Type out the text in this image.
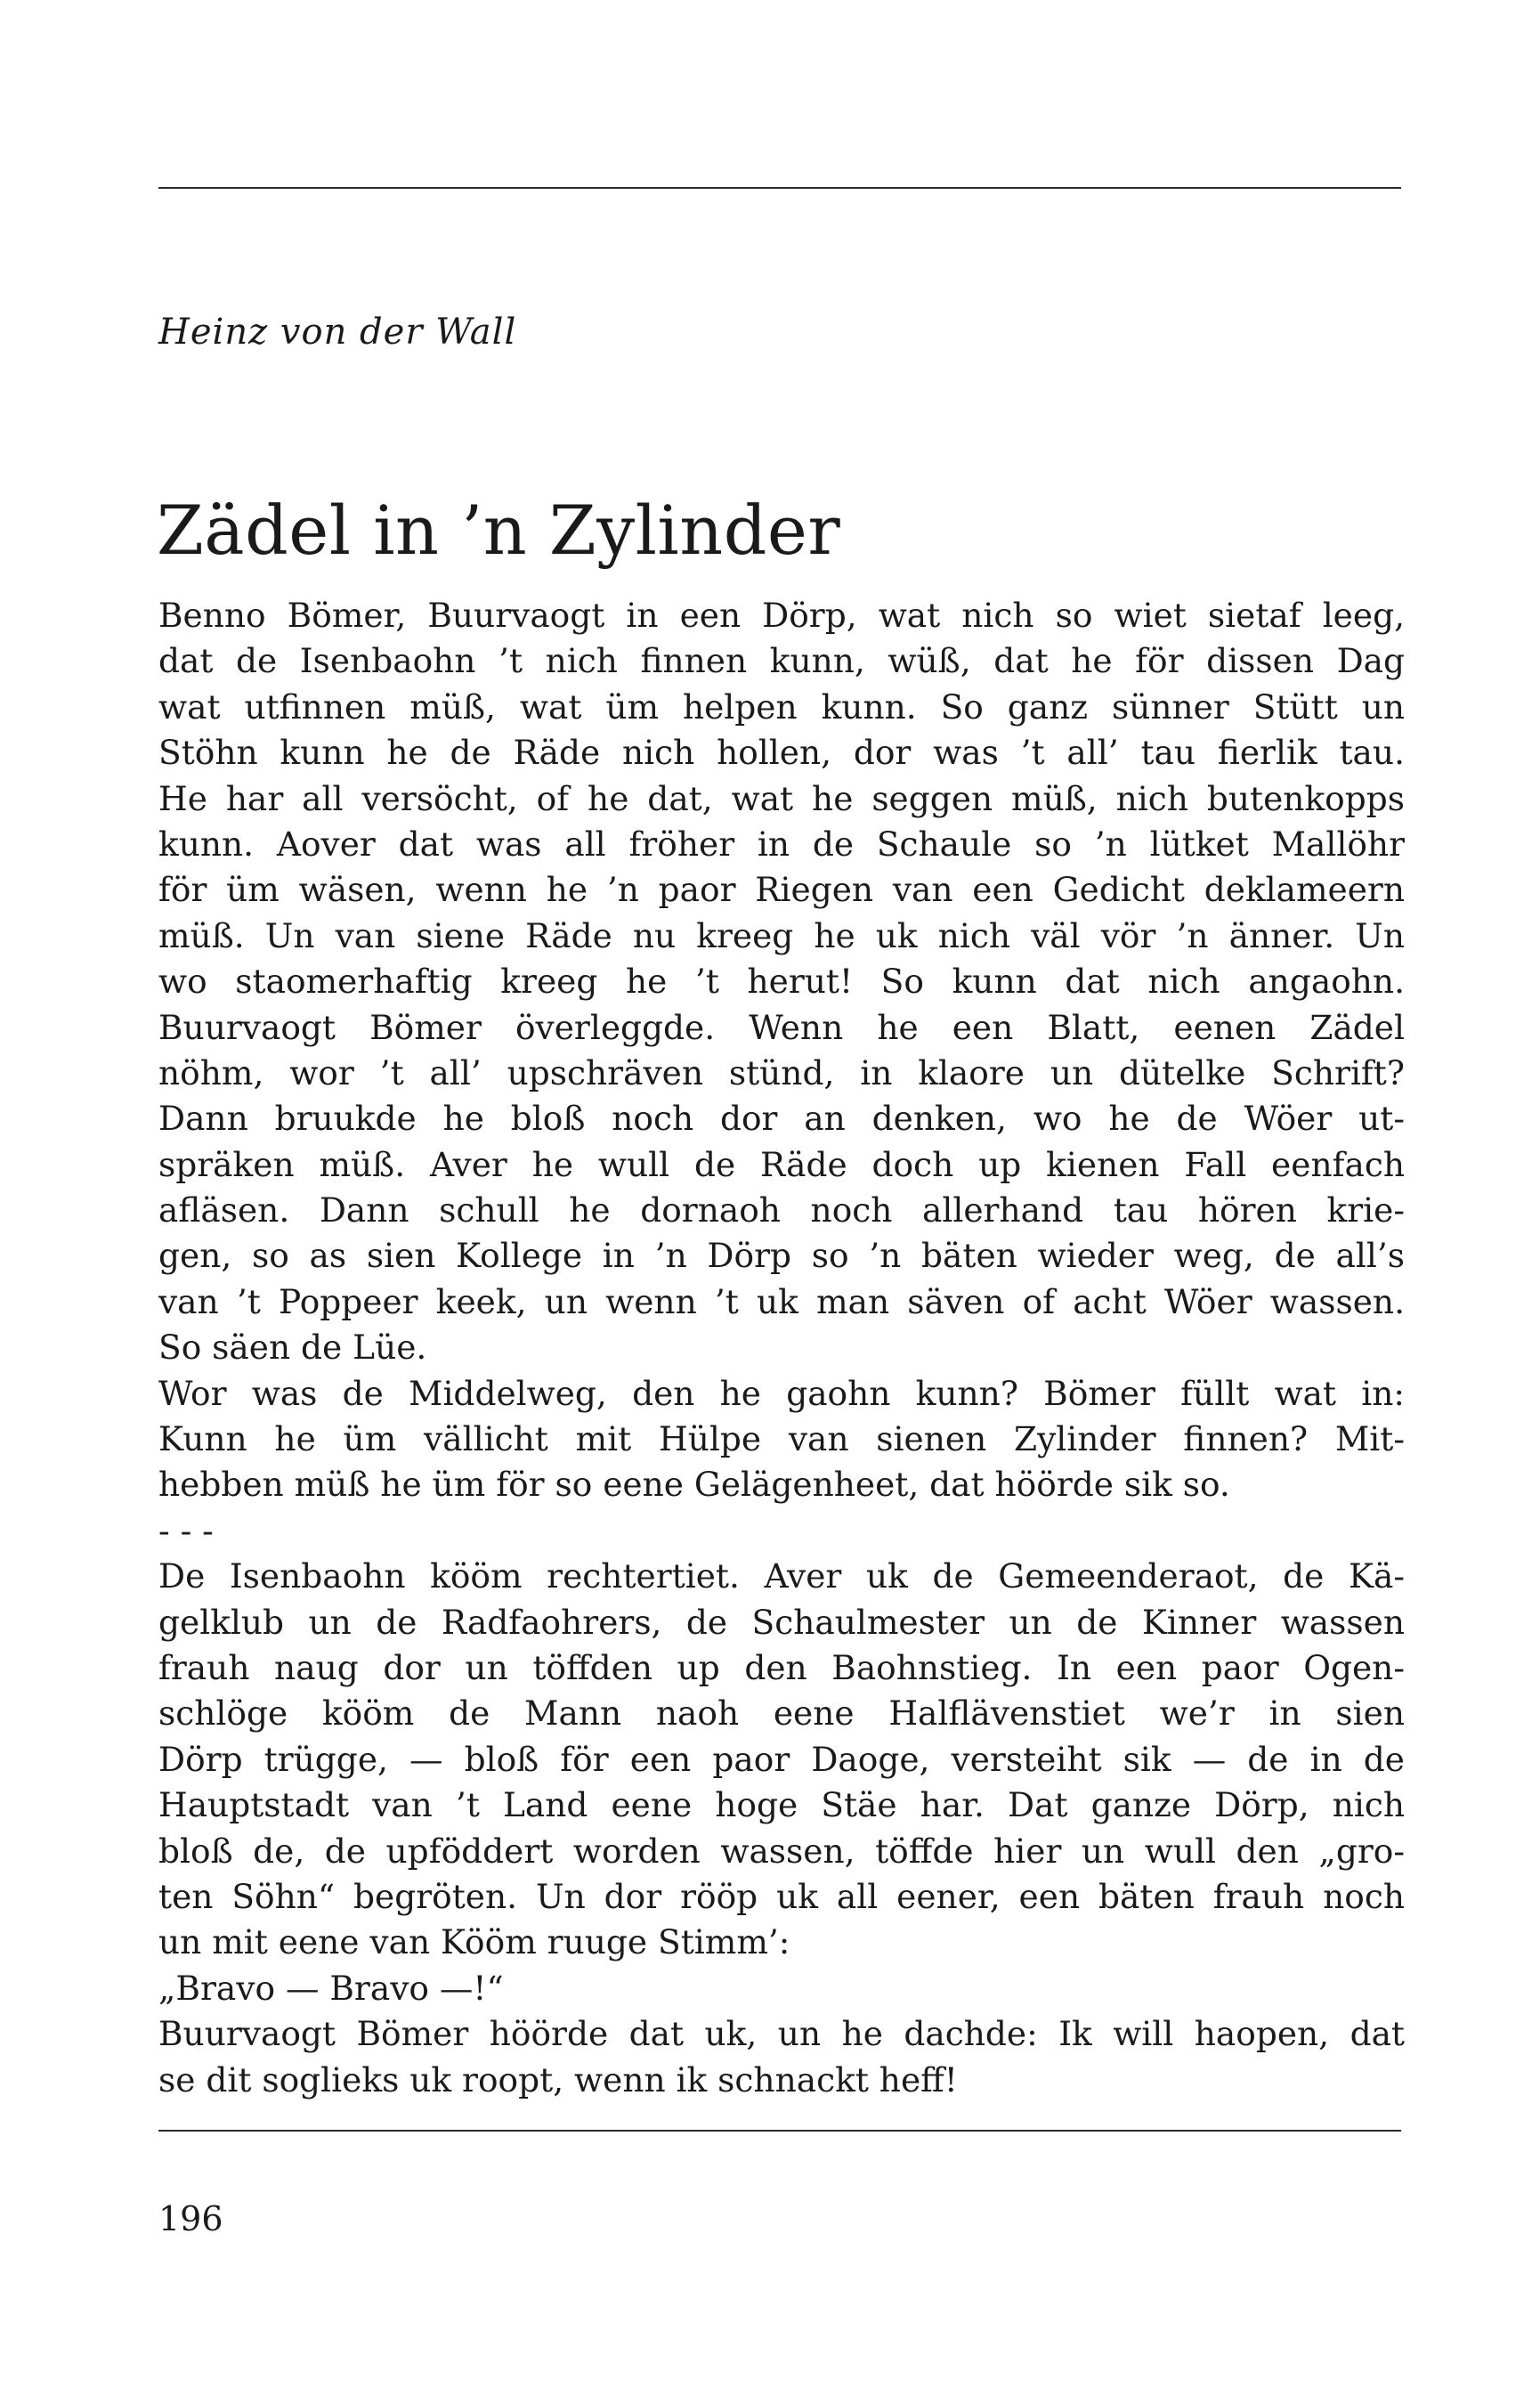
Heinz von der Wall
Zädel in ’n Zylinder
Benno Bömer, Buurvaogt in een Dörp, wat nich so wiet sietaf leeg,
dat de Isenbaohn ’t nich finnen kunn, wüß, dat he för dissen Dag
wat utfinnen müß, wat üm helpen kunn. So ganz sünner Stütt un
Stöhn kunn he de Räde nich hollen, dor was ’t all’ tau fierlik tau.
He har all versöcht, of he dat, wat he seggen müß, nich butenkopps
kunn. Aover dat was all fröher in de Schaule so ’n lütket Mallöhr
för üm wäsen, wenn he ’n paor Riegen van een Gedicht deklameern
müß. Un van siene Räde nu kreeg he uk nich väl vör ’n änner. Un
wo staomerhaftig kreeg he ’t herut! So kunn dat nich angaohn.
Buurvaogt Bömer överleggde. Wenn he een Blatt, eenen Zädel
nöhm, wor ’t all’ upschräven stünd, in klaore un dütelke Schrift?
Dann bruukde he bloß noch dor an denken, wo he de Wöer ut-
spräken müß. Aver he wull de Räde doch up kienen Fall eenfach
afläsen. Dann schull he dornaoh noch allerhand tau hören krie-
gen, so as sien Kollege in ’n Dörp so ’n bäten wieder weg, de all’s
van ’t Poppeer keek, un wenn ’t uk man säven of acht Wöer wassen.
So säen de Lüe.
Wor was de Middelweg, den he gaohn kunn? Bömer füllt wat in:
Kunn he üm vällicht mit Hülpe van sienen Zylinder finnen? Mit-
hebben müß he üm för so eene Gelägenheet, dat höörde sik so.
- - -
De Isenbaohn kööm rechtertiet. Aver uk de Gemeenderaot, de Kä-
gelklub un de Radfaohrers, de Schaulmester un de Kinner wassen
frauh naug dor un töffden up den Baohnstieg. In een paor Ogen-
schlöge kööm de Mann naoh eene Halflävenstiet we’r in sien
Dörp trügge, — bloß för een paor Daoge, versteiht sik — de in de
Hauptstadt van ’t Land eene hoge Stäe har. Dat ganze Dörp, nich
bloß de, de upföddert worden wassen, töffde hier un wull den „gro-
ten Söhn“ begröten. Un dor rööp uk all eener, een bäten frauh noch
un mit eene van Kööm ruuge Stimm’:
„Bravo — Bravo —!“
Buurvaogt Bömer höörde dat uk, un he dachde: Ik will haopen, dat
se dit soglieks uk roopt, wenn ik schnackt heff!
196
